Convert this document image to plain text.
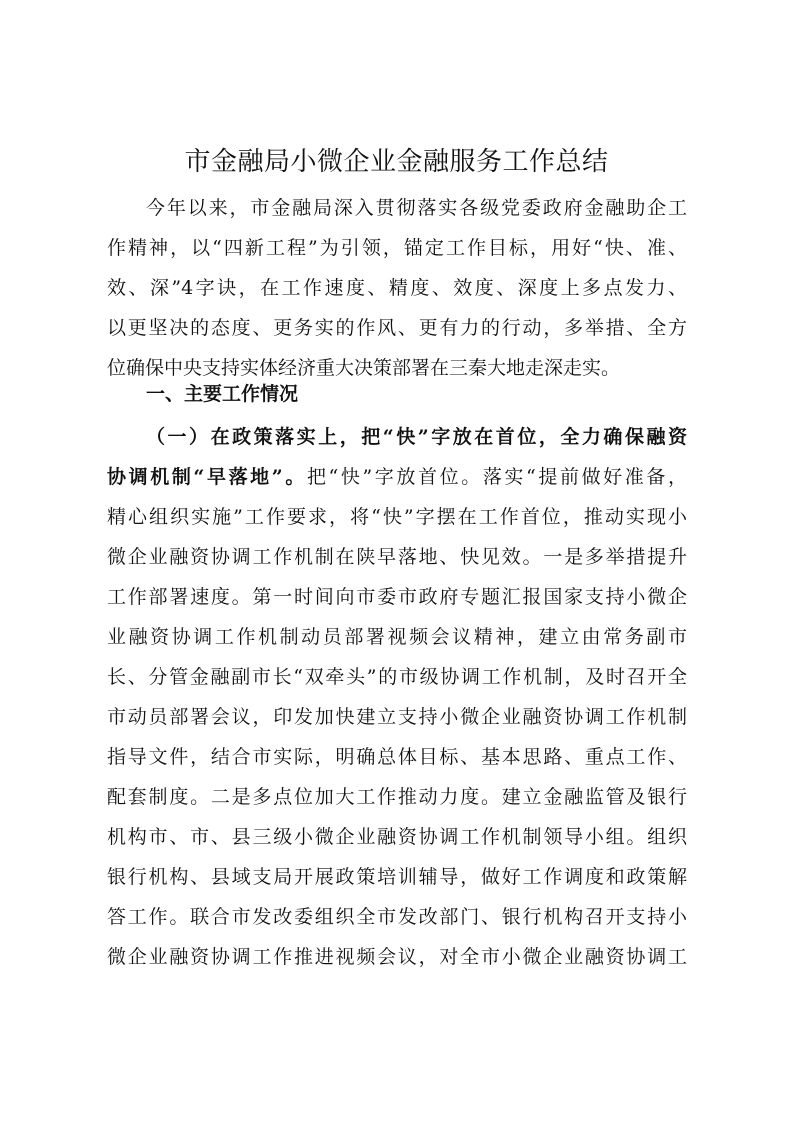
市金融局小微企业金融服务工作总结
今年以来，市金融局深入贯彻落实各级党委政府金融助企工
作精神，以“四新工程”为引领，锚定工作目标，用好“快、准、
效、深”4字诀，在工作速度、精度、效度、深度上多点发力、
以更坚决的态度、更务实的作风、更有力的行动，多举措、全方
位确保中央支持实体经济重大决策部署在三秦大地走深走实。
一、主要工作情况
（一）在政策落实上，把“快”字放在首位，全力确保融资
协调机制“早落地”。把“快”字放首位。落实“提前做好准备，
精心组织实施”工作要求，将“快”字摆在工作首位，推动实现小
微企业融资协调工作机制在陕早落地、快见效。一是多举措提升
工作部署速度。第一时间向市委市政府专题汇报国家支持小微企
业融资协调工作机制动员部署视频会议精神，建立由常务副市
长、分管金融副市长“双牵头”的市级协调工作机制，及时召开全
市动员部署会议，印发加快建立支持小微企业融资协调工作机制
指导文件，结合市实际，明确总体目标、基本思路、重点工作、
配套制度。二是多点位加大工作推动力度。建立金融监管及银行
机构市、市、县三级小微企业融资协调工作机制领导小组。组织
银行机构、县域支局开展政策培训辅导，做好工作调度和政策解
答工作。联合市发改委组织全市发改部门、银行机构召开支持小
微企业融资协调工作推进视频会议，对全市小微企业融资协调工
